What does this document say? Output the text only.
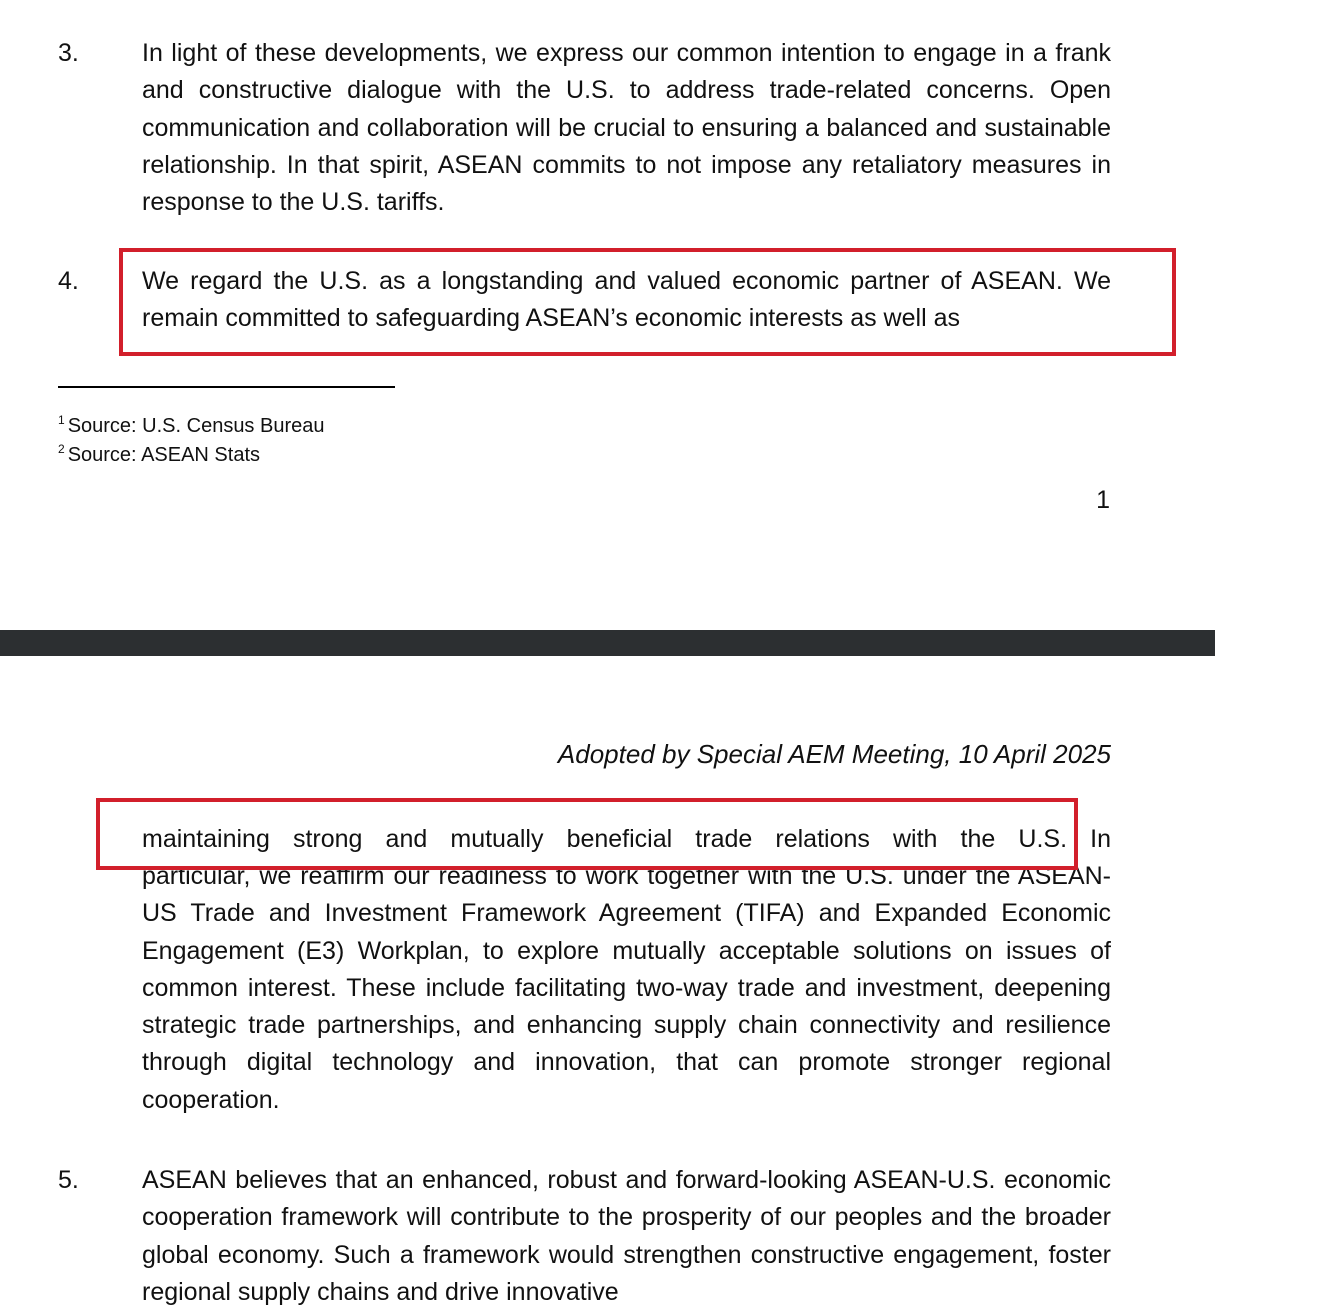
3.	In light of these developments, we express our common intention to engage in a frank and constructive dialogue with the U.S. to address trade-related concerns. Open communication and collaboration will be crucial to ensuring a balanced and sustainable relationship. In that spirit, ASEAN commits to not impose any retaliatory measures in response to the U.S. tariffs.
4.	We regard the U.S. as a longstanding and valued economic partner of ASEAN. We remain committed to safeguarding ASEAN’s economic interests as well as
$^1$ Source: U.S. Census Bureau
$^2$ Source: ASEAN Stats
1
Adopted by Special AEM Meeting, 10 April 2025
maintaining strong and mutually beneficial trade relations with the U.S. In
particular, we reaffirm our readiness to work together with the U.S. under the ASEAN-US Trade and Investment Framework Agreement (TIFA) and Expanded Economic Engagement (E3) Workplan, to explore mutually acceptable solutions on issues of common interest. These include facilitating two-way trade and investment, deepening strategic trade partnerships, and enhancing supply chain connectivity and resilience through digital technology and innovation, that can promote stronger regional cooperation.
5.	ASEAN believes that an enhanced, robust and forward-looking ASEAN-U.S. economic cooperation framework will contribute to the prosperity of our peoples and the broader global economy. Such a framework would strengthen constructive engagement, foster regional supply chains and drive innovative
